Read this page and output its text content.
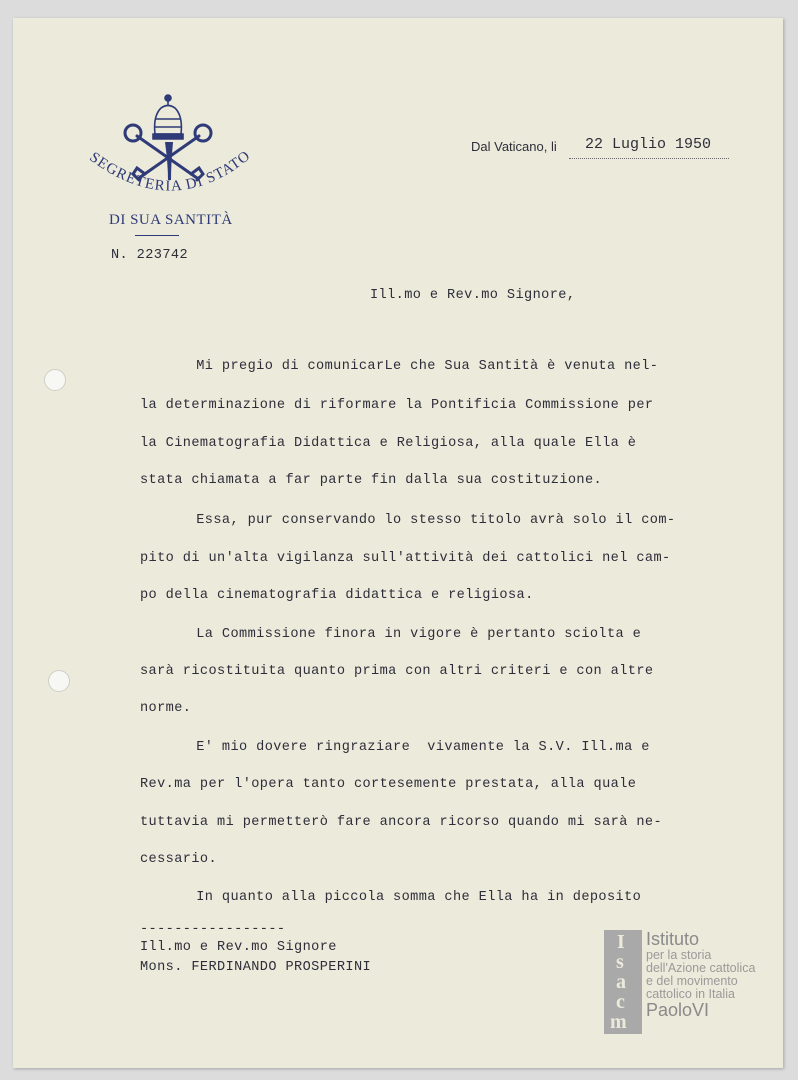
SEGRETERIA DI STATO
DI SUA SANTITÀ
N. 223742
Dal Vaticano, li 22 Luglio 1950
Ill.mo e Rev.mo Signore,
Mi pregio di comunicarLe che Sua Santità è venuta nel-
la determinazione di riformare la Pontificia Commissione per
la Cinematografia Didattica e Religiosa, alla quale Ella è
stata chiamata a far parte fin dalla sua costituzione.
Essa, pur conservando lo stesso titolo avrà solo il com-
pito di un'alta vigilanza sull'attività dei cattolici nel cam-
po della cinematografia didattica e religiosa.
La Commissione finora in vigore è pertanto sciolta e
sarà ricostituita quanto prima con altri criteri e con altre
norme.
E' mio dovere ringraziare  vivamente la S.V. Ill.ma e
Rev.ma per l'opera tanto cortesemente prestata, alla quale
tuttavia mi permetterò fare ancora ricorso quando mi sarà ne-
cessario.
In quanto alla piccola somma che Ella ha in deposito
-----------------
Ill.mo e Rev.mo Signore
Mons. FERDINANDO PROSPERINI
I
s
a
c
m
Istituto
per la storia
dell'Azione cattolica
e del movimento
cattolico in Italia
PaoloVI
